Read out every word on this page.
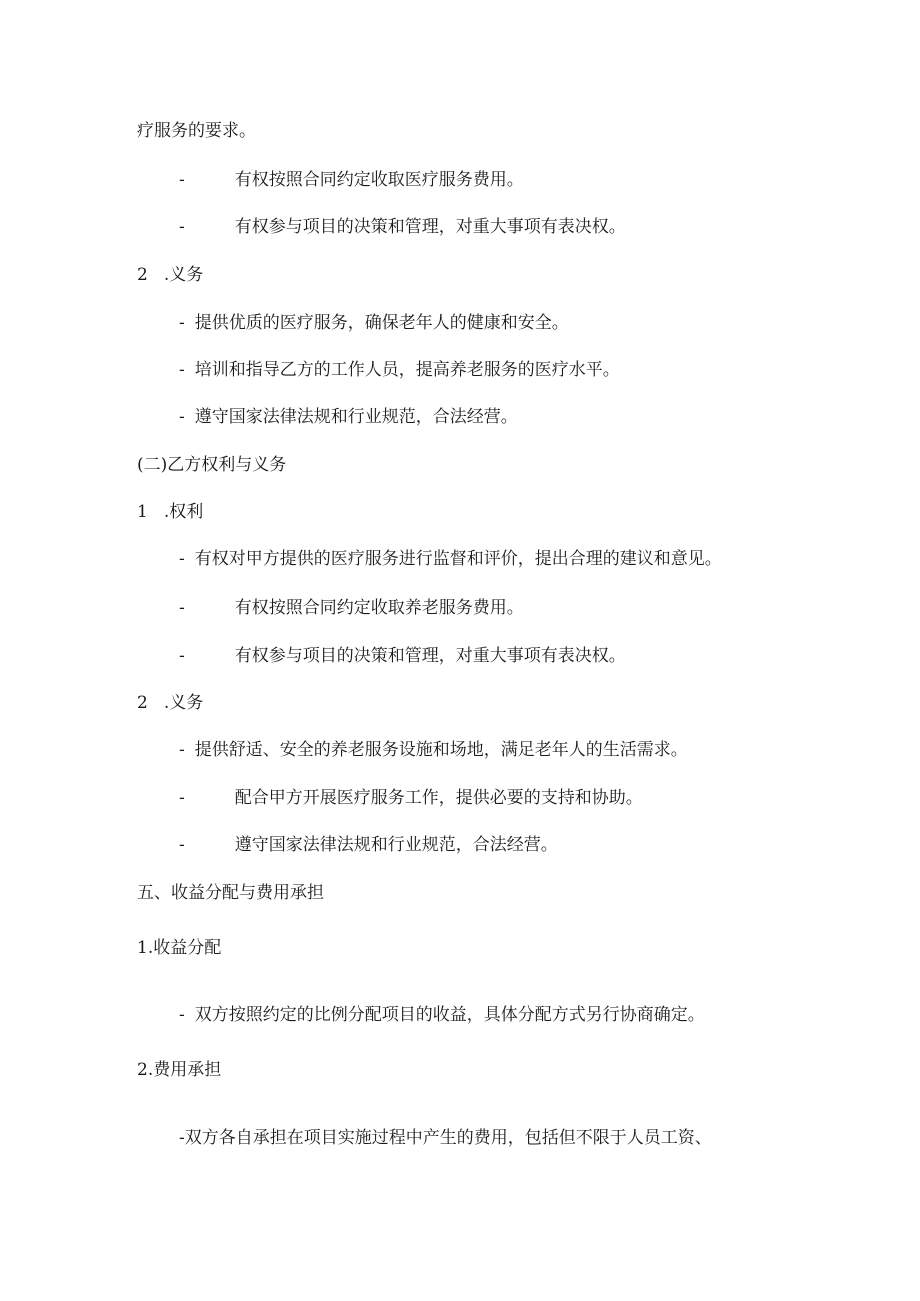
疗服务的要求。

-	有权按照合同约定收取医疗服务费用。

-	有权参与项目的决策和管理，对重大事项有表决权。

2 .义务

- 提供优质的医疗服务，确保老年人的健康和安全。

- 培训和指导乙方的工作人员，提高养老服务的医疗水平。

- 遵守国家法律法规和行业规范，合法经营。

(二)乙方权利与义务

1 .权利

- 有权对甲方提供的医疗服务进行监督和评价，提出合理的建议和意见。

-	有权按照合同约定收取养老服务费用。

-	有权参与项目的决策和管理，对重大事项有表决权。

2 .义务

- 提供舒适、安全的养老服务设施和场地，满足老年人的生活需求。

-	配合甲方开展医疗服务工作，提供必要的支持和协助。

-	遵守国家法律法规和行业规范，合法经营。

五、收益分配与费用承担

1.收益分配

- 双方按照约定的比例分配项目的收益，具体分配方式另行协商确定。

2.费用承担

-双方各自承担在项目实施过程中产生的费用，包括但不限于人员工资、
